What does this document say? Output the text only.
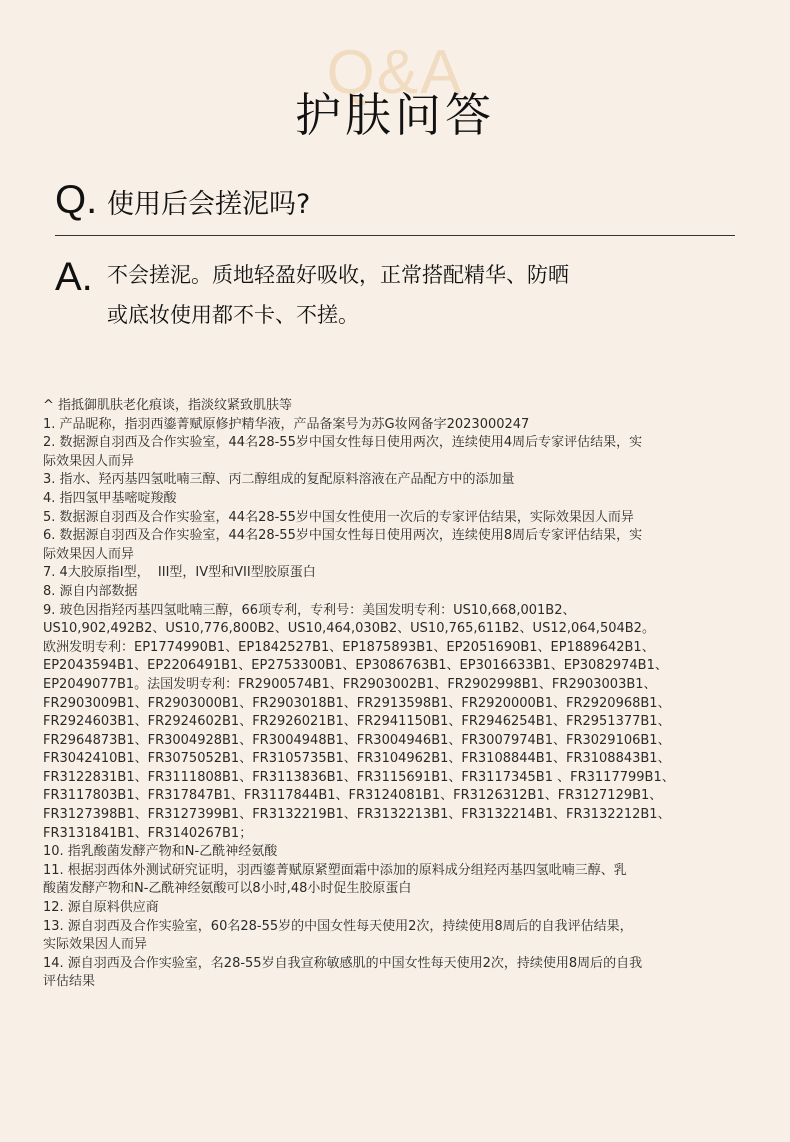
Q&A
护肤问答
Q. 使用后会搓泥吗?
A. 不会搓泥。质地轻盈好吸收，正常搭配精华、防晒
或底妆使用都不卡、不搓。
^ 指抵御肌肤老化痕谈，指淡纹紧致肌肤等
1. 产品昵称，指羽西鎏菁赋原修护精华液，产品备案号为苏G妆网备字2023000247
2. 数据源自羽西及合作实验室，44名28-55岁中国女性每日使用两次，连续使用4周后专家评估结果，实
际效果因人而异
3. 指水、羟丙基四氢吡喃三醇、丙二醇组成的复配原料溶液在产品配方中的添加量
4. 指四氢甲基嘧啶羧酸
5. 数据源自羽西及合作实验室，44名28-55岁中国女性使用一次后的专家评估结果，实际效果因人而异
6. 数据源自羽西及合作实验室，44名28-55岁中国女性每日使用两次，连续使用8周后专家评估结果，实
际效果因人而异
7. 4大胶原指I型，  III型，IV型和VII型胶原蛋白
8. 源自内部数据
9. 玻色因指羟丙基四氢吡喃三醇，66项专利，专利号：美国发明专利：US10,668,001B2、
US10,902,492B2、US10,776,800B2、US10,464,030B2、US10,765,611B2、US12,064,504B2。
欧洲发明专利：EP1774990B1、EP1842527B1、EP1875893B1、EP2051690B1、EP1889642B1、
EP2043594B1、EP2206491B1、EP2753300B1、EP3086763B1、EP3016633B1、EP3082974B1、
EP2049077B1。法国发明专利：FR2900574B1、FR2903002B1、FR2902998B1、FR2903003B1、
FR2903009B1、FR2903000B1、FR2903018B1、FR2913598B1、FR2920000B1、FR2920968B1、
FR2924603B1、FR2924602B1、FR2926021B1、FR2941150B1、FR2946254B1、FR2951377B1、
FR2964873B1、FR3004928B1、FR3004948B1、FR3004946B1、FR3007974B1、FR3029106B1、
FR3042410B1、FR3075052B1、FR3105735B1、FR3104962B1、FR3108844B1、FR3108843B1、
FR3122831B1、FR3111808B1、FR3113836B1、FR3115691B1、FR3117345B1 、FR3117799B1、
FR3117803B1、FR317847B1、FR3117844B1、FR3124081B1、FR3126312B1、FR3127129B1、
FR3127398B1、FR3127399B1、FR3132219B1、FR3132213B1、FR3132214B1、FR3132212B1、
FR3131841B1、FR3140267B1；
10. 指乳酸菌发酵产物和N-乙酰神经氨酸
11. 根据羽西体外测试研究证明，羽西鎏菁赋原紧塑面霜中添加的原料成分组羟丙基四氢吡喃三醇、乳
酸菌发酵产物和N-乙酰神经氨酸可以8小时,48小时促生胶原蛋白
12. 源自原料供应商
13. 源自羽西及合作实验室，60名28-55岁的中国女性每天使用2次，持续使用8周后的自我评估结果，
实际效果因人而异
14. 源自羽西及合作实验室，名28-55岁自我宣称敏感肌的中国女性每天使用2次，持续使用8周后的自我
评估结果
